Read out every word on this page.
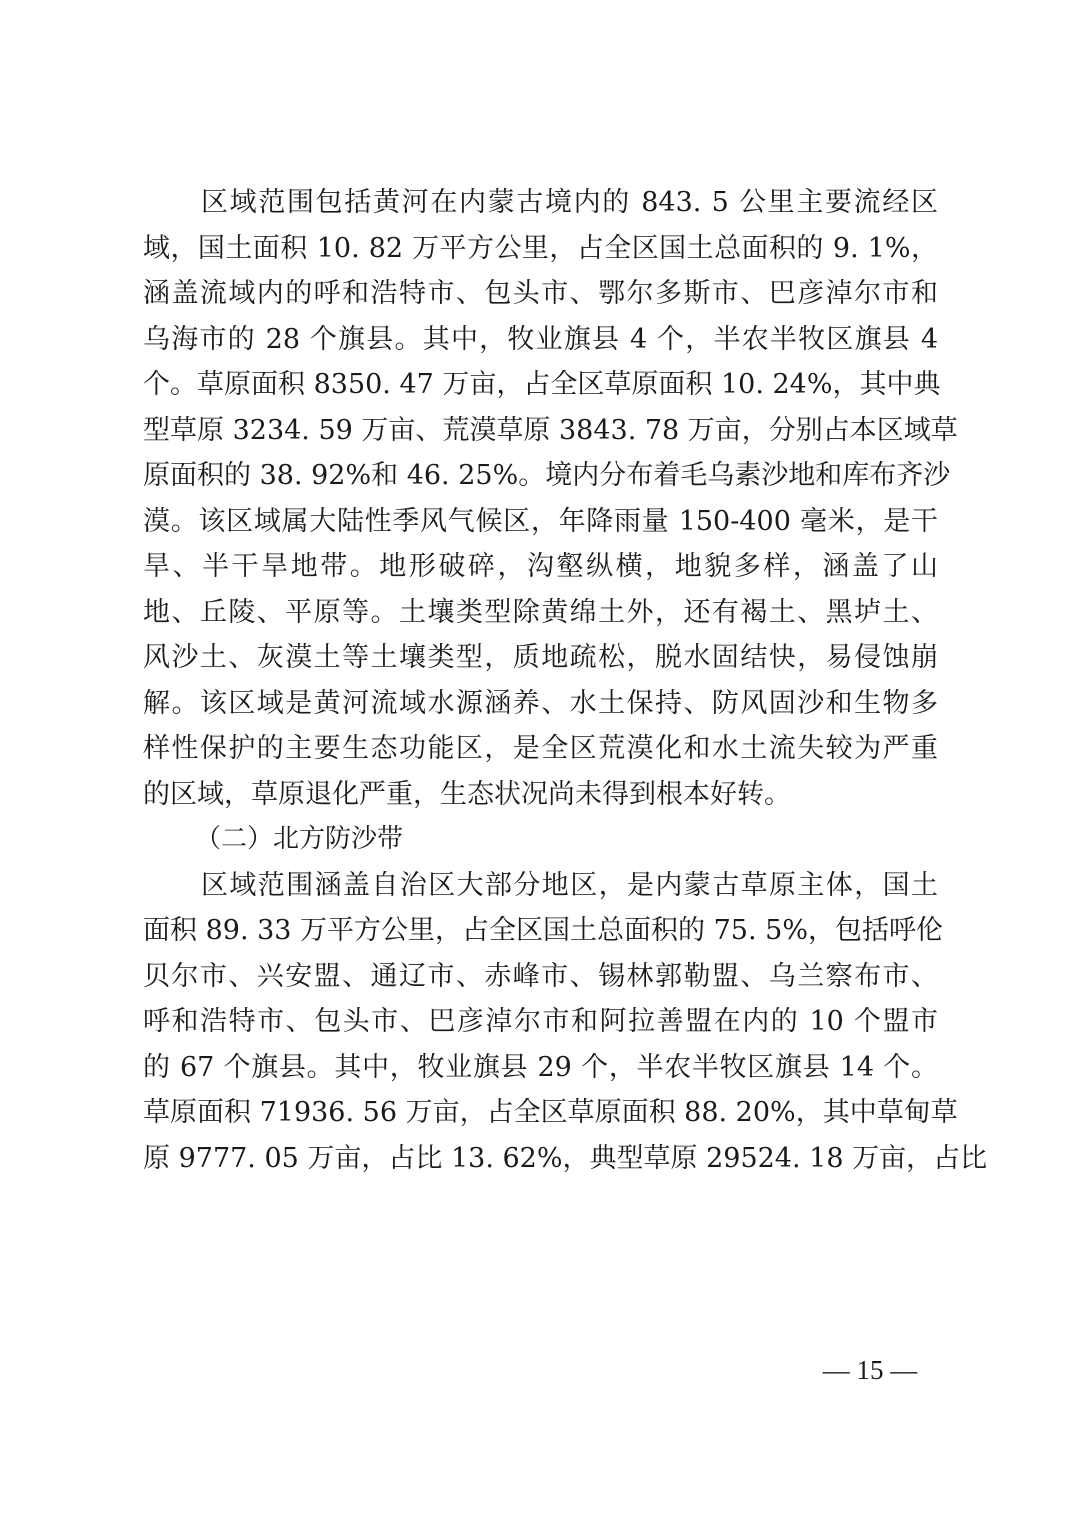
区域范围包括黄河在内蒙古境内的 843. 5 公里主要流经区
域，国土面积 10. 82 万平方公里，占全区国土总面积的 9. 1%，
涵盖流域内的呼和浩特市、包头市、鄂尔多斯市、巴彦淖尔市和
乌海市的 28 个旗县。其中，牧业旗县 4 个，半农半牧区旗县 4
个。草原面积 8350. 47 万亩，占全区草原面积 10. 24%，其中典
型草原 3234. 59 万亩、荒漠草原 3843. 78 万亩，分别占本区域草
原面积的 38. 92%和 46. 25%。境内分布着毛乌素沙地和库布齐沙
漠。该区域属大陆性季风气候区，年降雨量 150-400 毫米，是干
旱、半干旱地带。地形破碎，沟壑纵横，地貌多样，涵盖了山
地、丘陵、平原等。土壤类型除黄绵土外，还有褐土、黑垆土、
风沙土、灰漠土等土壤类型，质地疏松，脱水固结快，易侵蚀崩
解。该区域是黄河流域水源涵养、水土保持、防风固沙和生物多
样性保护的主要生态功能区，是全区荒漠化和水土流失较为严重
的区域，草原退化严重，生态状况尚未得到根本好转。
（二）北方防沙带
区域范围涵盖自治区大部分地区，是内蒙古草原主体，国土
面积 89. 33 万平方公里，占全区国土总面积的 75. 5%，包括呼伦
贝尔市、兴安盟、通辽市、赤峰市、锡林郭勒盟、乌兰察布市、
呼和浩特市、包头市、巴彦淖尔市和阿拉善盟在内的 10 个盟市
的 67 个旗县。其中，牧业旗县 29 个，半农半牧区旗县 14 个。
草原面积 71936. 56 万亩，占全区草原面积 88. 20%，其中草甸草
原 9777. 05 万亩，占比 13. 62%，典型草原 29524. 18 万亩，占比
— 15 —
